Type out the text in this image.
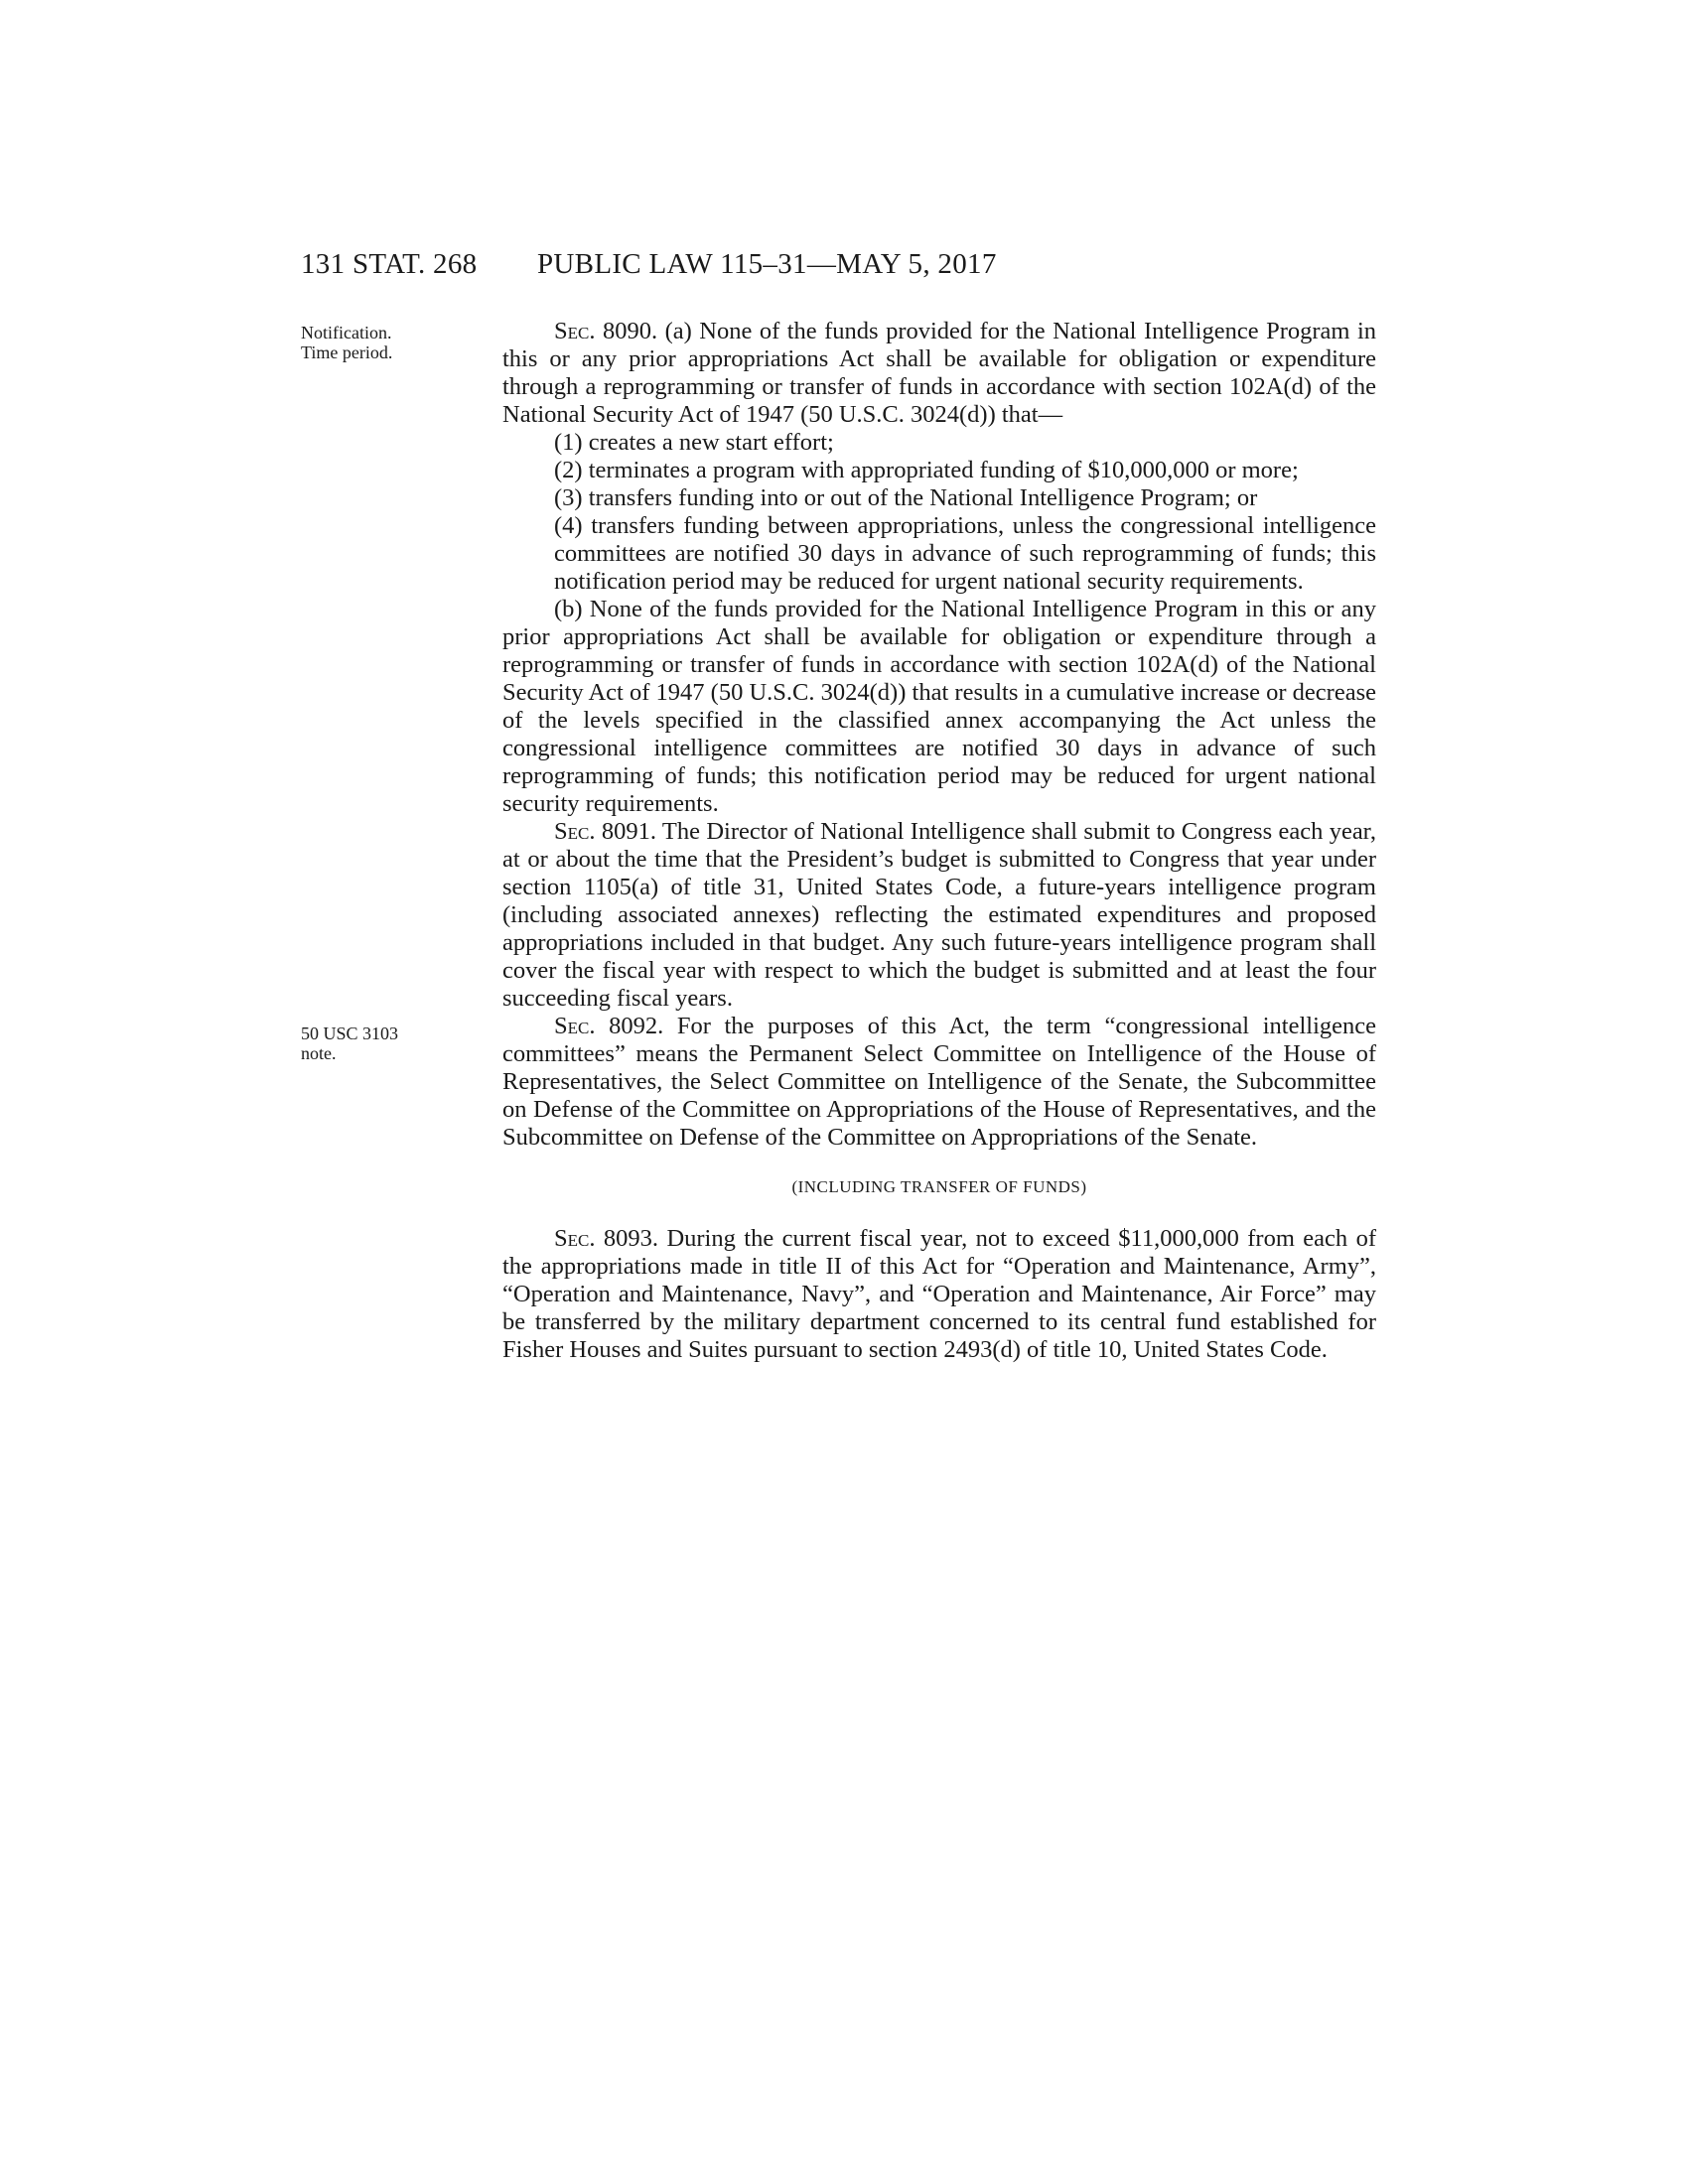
131 STAT. 268 PUBLIC LAW 115–31—MAY 5, 2017
Notification.
Time period.
50 USC 3103
note.

Sec. 8090. (a) None of the funds provided for the National Intelligence Program in this or any prior appropriations Act shall be available for obligation or expenditure through a reprogramming or transfer of funds in accordance with section 102A(d) of the National Security Act of 1947 (50 U.S.C. 3024(d)) that—

(1) creates a new start effort;

(2) terminates a program with appropriated funding of $10,000,000 or more;

(3) transfers funding into or out of the National Intelligence Program; or

(4) transfers funding between appropriations, unless the congressional intelligence committees are notified 30 days in advance of such reprogramming of funds; this notification period may be reduced for urgent national security requirements.

(b) None of the funds provided for the National Intelligence Program in this or any prior appropriations Act shall be available for obligation or expenditure through a reprogramming or transfer of funds in accordance with section 102A(d) of the National Security Act of 1947 (50 U.S.C. 3024(d)) that results in a cumulative increase or decrease of the levels specified in the classified annex accompanying the Act unless the congressional intelligence committees are notified 30 days in advance of such reprogramming of funds; this notification period may be reduced for urgent national security requirements.

Sec. 8091. The Director of National Intelligence shall submit to Congress each year, at or about the time that the President’s budget is submitted to Congress that year under section 1105(a) of title 31, United States Code, a future-years intelligence program (including associated annexes) reflecting the estimated expenditures and proposed appropriations included in that budget. Any such future-years intelligence program shall cover the fiscal year with respect to which the budget is submitted and at least the four succeeding fiscal years.

Sec. 8092. For the purposes of this Act, the term “congressional intelligence committees” means the Permanent Select Committee on Intelligence of the House of Representatives, the Select Committee on Intelligence of the Senate, the Subcommittee on Defense of the Committee on Appropriations of the House of Representatives, and the Subcommittee on Defense of the Committee on Appropriations of the Senate.

(INCLUDING TRANSFER OF FUNDS)

Sec. 8093. During the current fiscal year, not to exceed $11,000,000 from each of the appropriations made in title II of this Act for “Operation and Maintenance, Army”, “Operation and Maintenance, Navy”, and “Operation and Maintenance, Air Force” may be transferred by the military department concerned to its central fund established for Fisher Houses and Suites pursuant to section 2493(d) of title 10, United States Code.
